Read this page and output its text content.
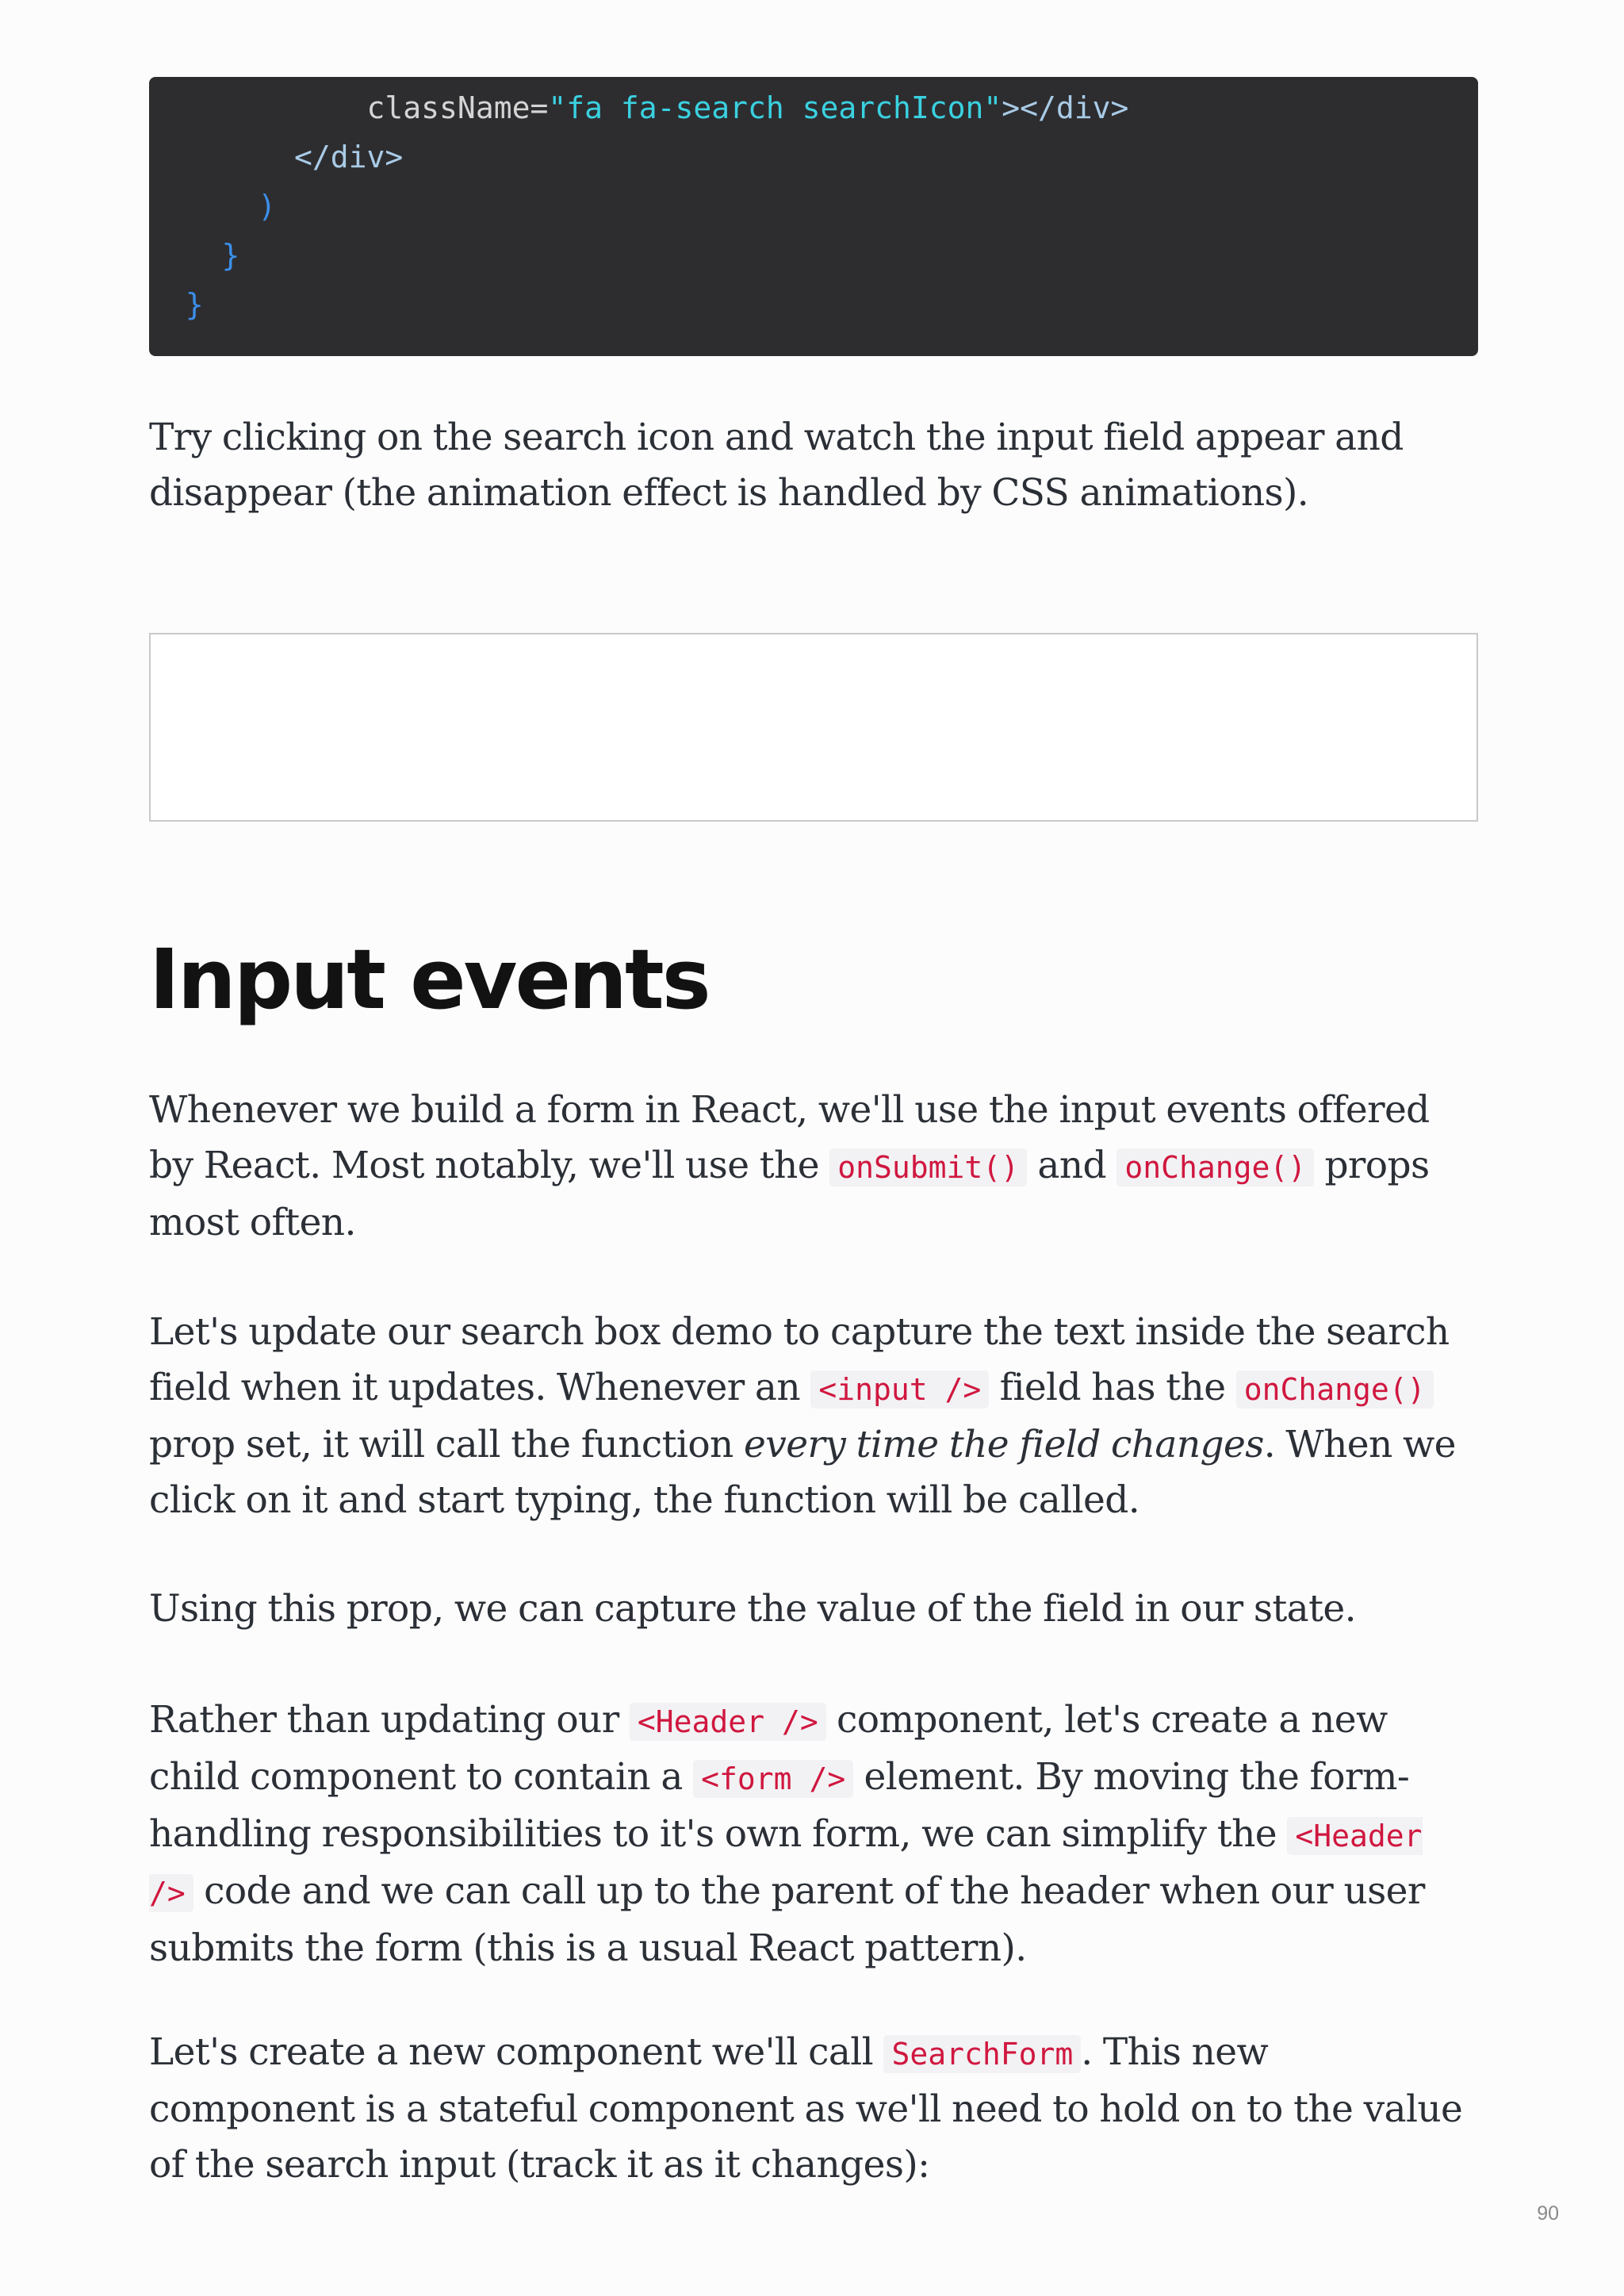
className="fa fa-search searchIcon"></div>
</div>
)
}
}

Try clicking on the search icon and watch the input field appear and disappear (the animation effect is handled by CSS animations).

Input events

Whenever we build a form in React, we'll use the input events offered by React. Most notably, we'll use the onSubmit() and onChange() props most often.

Let's update our search box demo to capture the text inside the search field when it updates. Whenever an <input /> field has the onChange() prop set, it will call the function every time the field changes. When we click on it and start typing, the function will be called.

Using this prop, we can capture the value of the field in our state.

Rather than updating our <Header /> component, let's create a new child component to contain a <form /> element. By moving the form-handling responsibilities to it's own form, we can simplify the <Header /> code and we can call up to the parent of the header when our user submits the form (this is a usual React pattern).

Let's create a new component we'll call SearchForm . This new component is a stateful component as we'll need to hold on to the value of the search input (track it as it changes):

90
